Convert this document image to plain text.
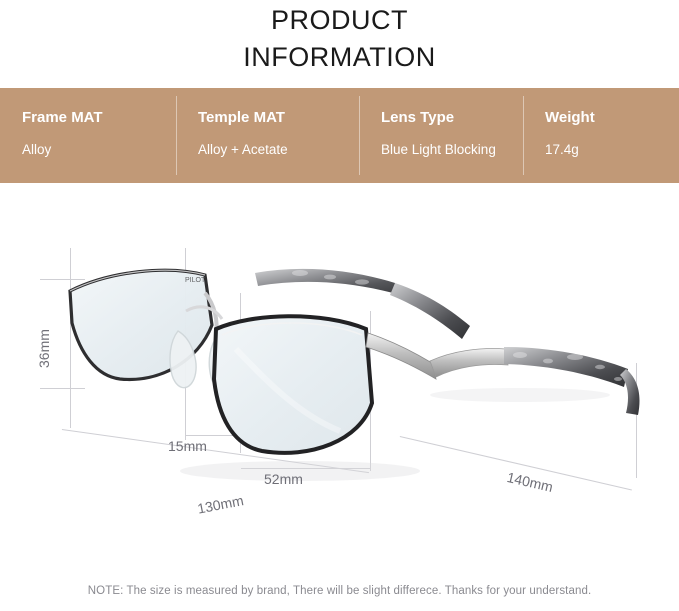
PRODUCT
INFORMATION
Frame MAT
Alloy
Temple MAT
Alloy + Acetate
Lens Type
Blue Light Blocking
Weight
17.4g
PILOT
36mm
15mm
52mm
130mm
140mm
NOTE: The size is measured by brand, There will be slight differece. Thanks for your understand.
